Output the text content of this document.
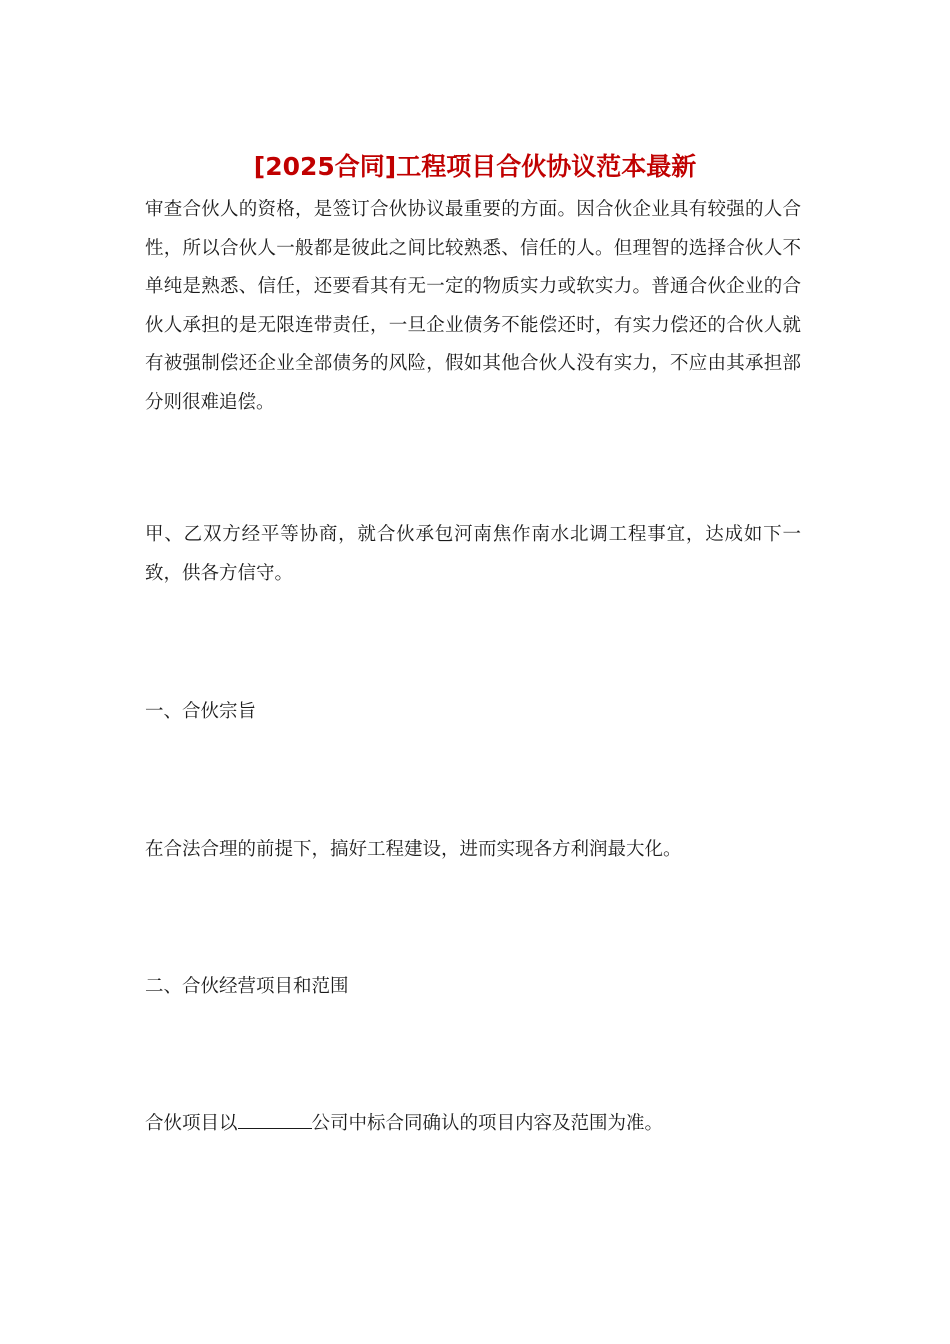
[2025合同]工程项目合伙协议范本最新
审查合伙人的资格，是签订合伙协议最重要的方面。因合伙企业具有较强的人合性，所以合伙人一般都是彼此之间比较熟悉、信任的人。但理智的选择合伙人不单纯是熟悉、信任，还要看其有无一定的物质实力或软实力。普通合伙企业的合伙人承担的是无限连带责任，一旦企业债务不能偿还时，有实力偿还的合伙人就有被强制偿还企业全部债务的风险，假如其他合伙人没有实力，不应由其承担部分则很难追偿。
甲、乙双方经平等协商，就合伙承包河南焦作南水北调工程事宜，达成如下一致，供各方信守。
一、合伙宗旨
在合法合理的前提下，搞好工程建设，进而实现各方利润最大化。
二、合伙经营项目和范围
合伙项目以	公司中标合同确认的项目内容及范围为准。
